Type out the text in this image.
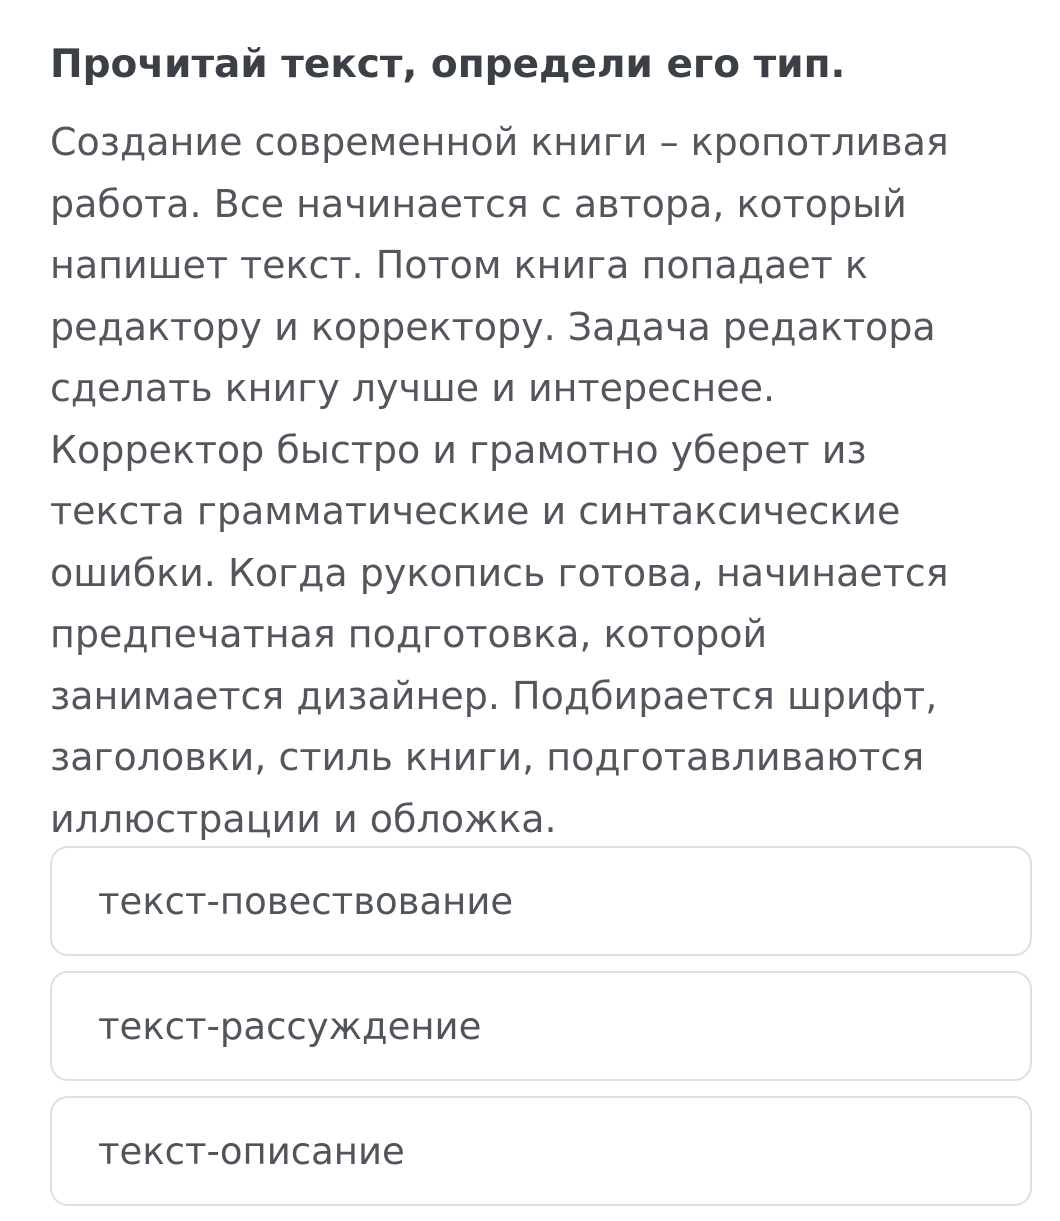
Прочитай текст, определи его тип.
Создание современной книги – кропотливая
работа. Все начинается с автора, который
напишет текст. Потом книга попадает к
редактору и корректору. Задача редактора
сделать книгу лучше и интереснее.
Корректор быстро и грамотно уберет из
текста грамматические и синтаксические
ошибки. Когда рукопись готова, начинается
предпечатная подготовка, которой
занимается дизайнер. Подбирается шрифт,
заголовки, стиль книги, подготавливаются
иллюстрации и обложка.
текст-повествование
текст-рассуждение
текст-описание
